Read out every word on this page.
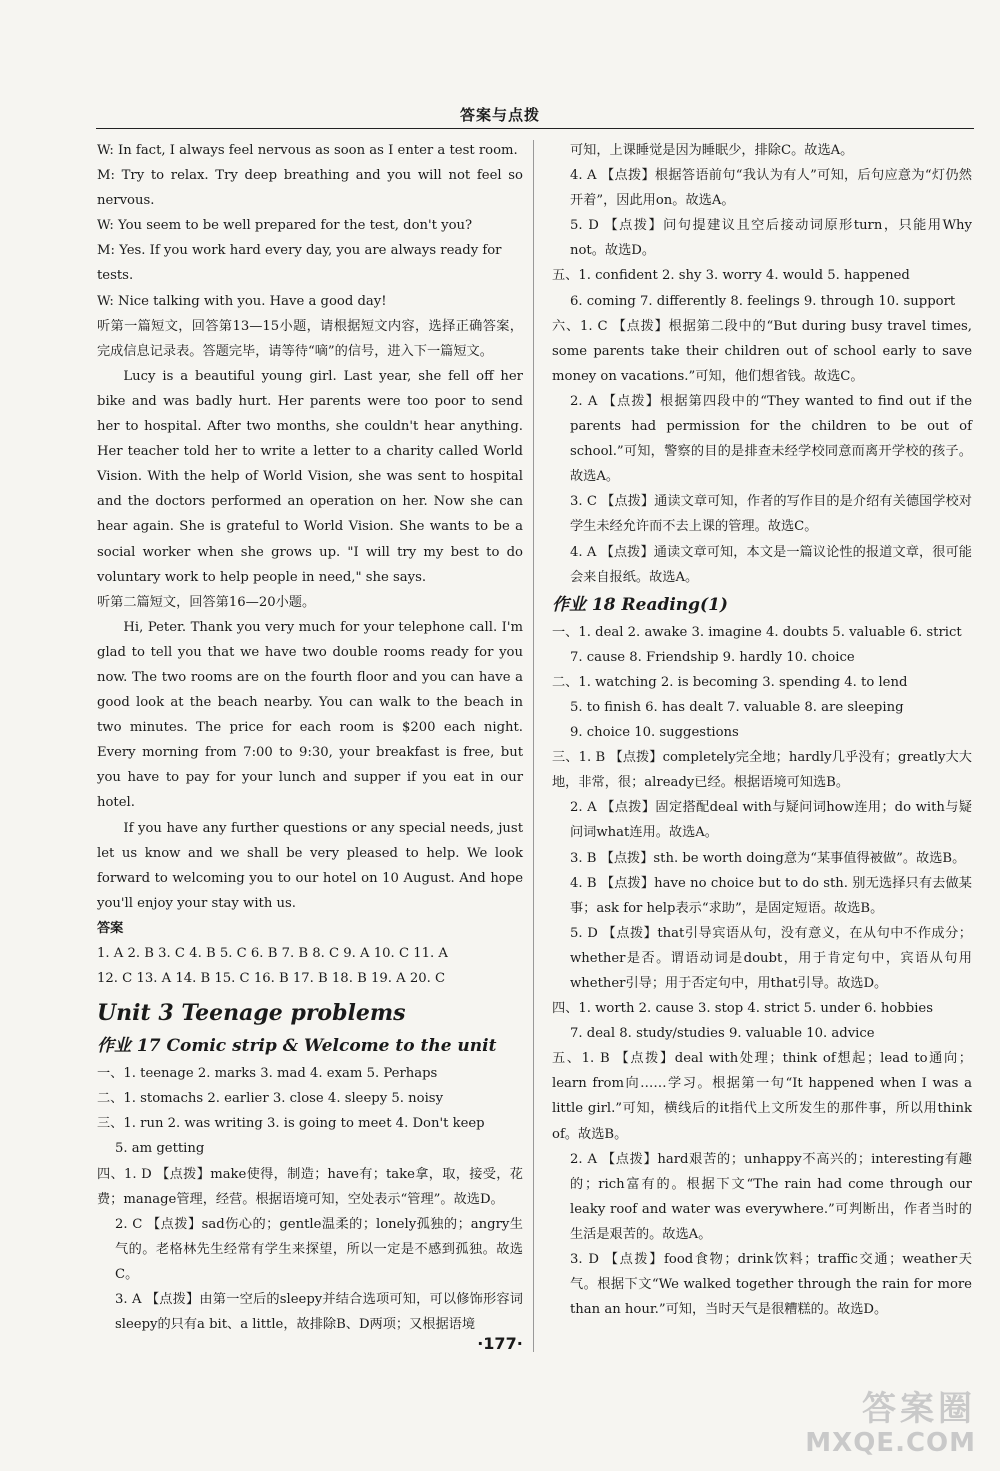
答案与点拨

W: In fact, I always feel nervous as soon as I enter a test room.

M: Try to relax. Try deep breathing and you will not feel so nervous.

W: You seem to be well prepared for the test, don't you?

M: Yes. If you work hard every day, you are always ready for tests.

W: Nice talking with you. Have a good day!

听第一篇短文，回答第13—15小题，请根据短文内容，选择正确答案，完成信息记录表。答题完毕，请等待“嘀”的信号，进入下一篇短文。

Lucy is a beautiful young girl. Last year, she fell off her bike and was badly hurt. Her parents were too poor to send her to hospital. After two months, she couldn't hear anything. Her teacher told her to write a letter to a charity called World Vision. With the help of World Vision, she was sent to hospital and the doctors performed an operation on her. Now she can hear again. She is grateful to World Vision. She wants to be a social worker when she grows up. "I will try my best to do voluntary work to help people in need," she says.

听第二篇短文，回答第16—20小题。

Hi, Peter. Thank you very much for your telephone call. I'm glad to tell you that we have two double rooms ready for you now. The two rooms are on the fourth floor and you can have a good look at the beach nearby. You can walk to the beach in two minutes. The price for each room is $200 each night. Every morning from 7:00 to 9:30, your breakfast is free, but you have to pay for your lunch and supper if you eat in our hotel.

If you have any further questions or any special needs, just let us know and we shall be very pleased to help. We look forward to welcoming you to our hotel on 10 August. And hope you'll enjoy your stay with us.

答案

1. A 2. B 3. C 4. B 5. C 6. B 7. B 8. C 9. A 10. C 11. A

12. C 13. A 14. B 15. C 16. B 17. B 18. B 19. A 20. C

Unit 3 Teenage problems

作业 17 Comic strip & Welcome to the unit

一、1. teenage 2. marks 3. mad 4. exam 5. Perhaps

二、1. stomachs 2. earlier 3. close 4. sleepy 5. noisy

三、1. run 2. was writing 3. is going to meet 4. Don't keep

5. am getting

四、1. D 【点拨】make使得，制造；have有；take拿，取，接受，花费；manage管理，经营。根据语境可知，空处表示“管理”。故选D。

2. C 【点拨】sad伤心的；gentle温柔的；lonely孤独的；angry生气的。老格林先生经常有学生来探望，所以一定是不感到孤独。故选C。

3. A 【点拨】由第一空后的sleepy并结合选项可知，可以修饰形容词sleepy的只有a bit、a little，故排除B、D两项；又根据语境

可知，上课睡觉是因为睡眠少，排除C。故选A。

4. A 【点拨】根据答语前句“我认为有人”可知，后句应意为“灯仍然开着”，因此用on。故选A。

5. D 【点拨】问句提建议且空后接动词原形turn，只能用Why not。故选D。

五、1. confident 2. shy 3. worry 4. would 5. happened

6. coming 7. differently 8. feelings 9. through 10. support

六、1. C 【点拨】根据第二段中的“But during busy travel times, some parents take their children out of school early to save money on vacations.”可知，他们想省钱。故选C。

2. A 【点拨】根据第四段中的“They wanted to find out if the parents had permission for the children to be out of school.”可知，警察的目的是排查未经学校同意而离开学校的孩子。故选A。

3. C 【点拨】通读文章可知，作者的写作目的是介绍有关德国学校对学生未经允许而不去上课的管理。故选C。

4. A 【点拨】通读文章可知，本文是一篇议论性的报道文章，很可能会来自报纸。故选A。

作业 18 Reading(1)

一、1. deal 2. awake 3. imagine 4. doubts 5. valuable 6. strict

7. cause 8. Friendship 9. hardly 10. choice

二、1. watching 2. is becoming 3. spending 4. to lend

5. to finish 6. has dealt 7. valuable 8. are sleeping

9. choice 10. suggestions

三、1. B 【点拨】completely完全地；hardly几乎没有；greatly大大地，非常，很；already已经。根据语境可知选B。

2. A 【点拨】固定搭配deal with与疑问词how连用；do with与疑问词what连用。故选A。

3. B 【点拨】sth. be worth doing意为“某事值得被做”。故选B。

4. B 【点拨】have no choice but to do sth. 别无选择只有去做某事；ask for help表示“求助”，是固定短语。故选B。

5. D 【点拨】that引导宾语从句，没有意义，在从句中不作成分；whether是否。谓语动词是doubt，用于肯定句中，宾语从句用whether引导；用于否定句中，用that引导。故选D。

四、1. worth 2. cause 3. stop 4. strict 5. under 6. hobbies

7. deal 8. study/studies 9. valuable 10. advice

五、1. B 【点拨】deal with处理；think of想起；lead to通向；learn from向……学习。根据第一句“It happened when I was a little girl.”可知，横线后的it指代上文所发生的那件事，所以用think of。故选B。

2. A 【点拨】hard艰苦的；unhappy不高兴的；interesting有趣的；rich富有的。根据下文“The rain had come through our leaky roof and water was everywhere.”可判断出，作者当时的生活是艰苦的。故选A。

3. D 【点拨】food食物；drink饮料；traffic交通；weather天气。根据下文“We walked together through the rain for more than an hour.”可知，当时天气是很糟糕的。故选D。

·177·
答案圈
MXQE.COM
